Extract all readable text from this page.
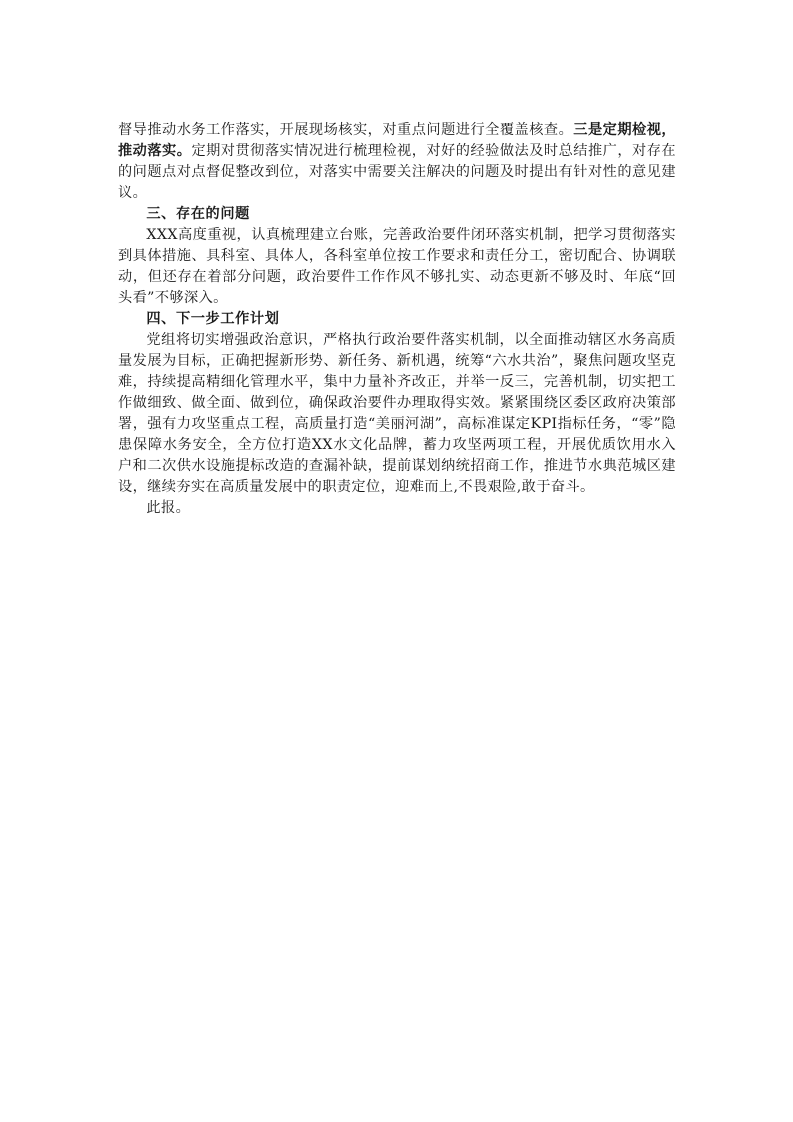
督导推动水务工作落实，开展现场核实，对重点问题进行全覆盖核查。三是定期检视，推动落实。定期对贯彻落实情况进行梳理检视，对好的经验做法及时总结推广，对存在的问题点对点督促整改到位，对落实中需要关注解决的问题及时提出有针对性的意见建议。

三、存在的问题

XXX高度重视，认真梳理建立台账，完善政治要件闭环落实机制，把学习贯彻落实到具体措施、具科室、具体人，各科室单位按工作要求和责任分工，密切配合、协调联动，但还存在着部分问题，政治要件工作作风不够扎实、动态更新不够及时、年底“回头看”不够深入。

四、下一步工作计划

党组将切实增强政治意识，严格执行政治要件落实机制，以全面推动辖区水务高质量发展为目标，正确把握新形势、新任务、新机遇，统筹“六水共治”，聚焦问题攻坚克难，持续提高精细化管理水平，集中力量补齐改正，并举一反三，完善机制，切实把工作做细致、做全面、做到位，确保政治要件办理取得实效。紧紧围绕区委区政府决策部署，强有力攻坚重点工程，高质量打造“美丽河湖”，高标准谋定KPI指标任务，“零”隐患保障水务安全，全方位打造XX水文化品牌，蓄力攻坚两项工程，开展优质饮用水入户和二次供水设施提标改造的查漏补缺，提前谋划纳统招商工作，推进节水典范城区建设，继续夯实在高质量发展中的职责定位，迎难而上,不畏艰险,敢于奋斗。

此报。
